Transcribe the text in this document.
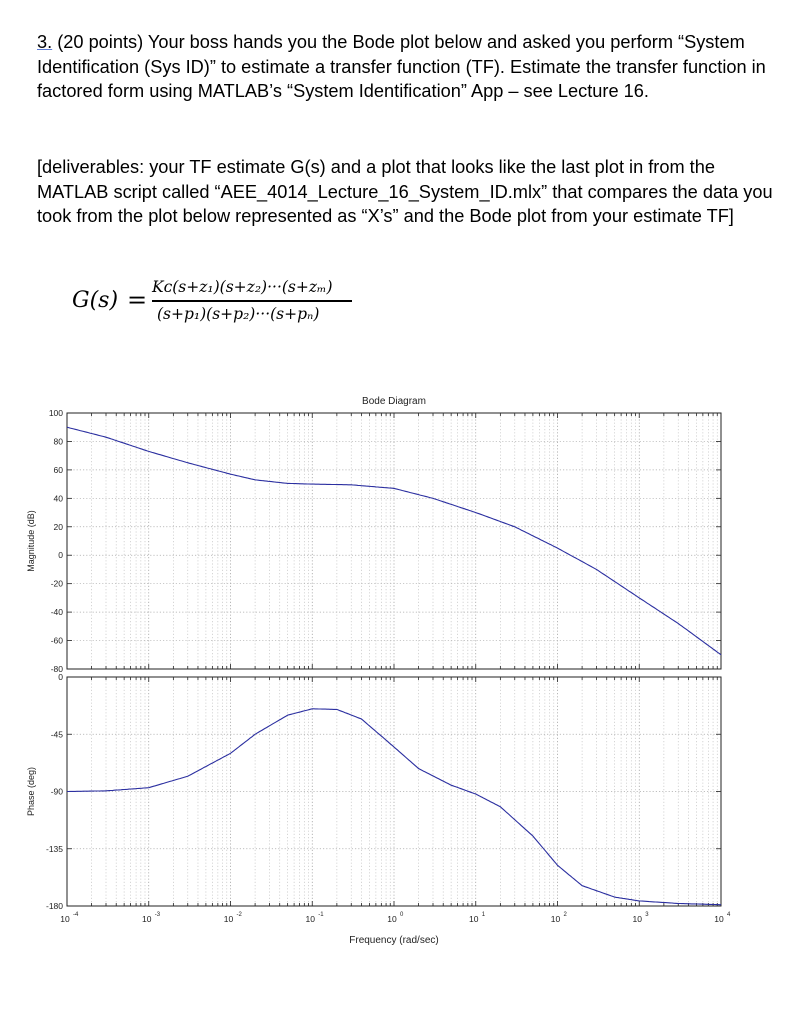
3. (20 points) Your boss hands you the Bode plot below and asked you perform “System Identification (Sys ID)” to estimate a transfer function (TF). Estimate the transfer function in factored form using MATLAB’s “System Identification” App – see Lecture 16.
[deliverables: your TF estimate G(s) and a plot that looks like the last plot in from the MATLAB script called “AEE_4014_Lecture_16_System_ID.mlx” that compares the data you took from the plot below represented as “X’s” and the Bode plot from your estimate TF]
G(s) = Kᴄ(s+z₁)(s+z₂)···(s+zₘ)
(s+p₁)(s+p₂)···(s+pₙ)
Bode Diagram
Frequency (rad/sec)
100
80
60
40
20
0
-20
-40
-60
-80
Magnitude (dB)
0
-45
-90
-135
-180
Phase (deg)
10 -4	10 -3	10 -2	10 -1	10 0	10 1	10 2	10 3	10 4
